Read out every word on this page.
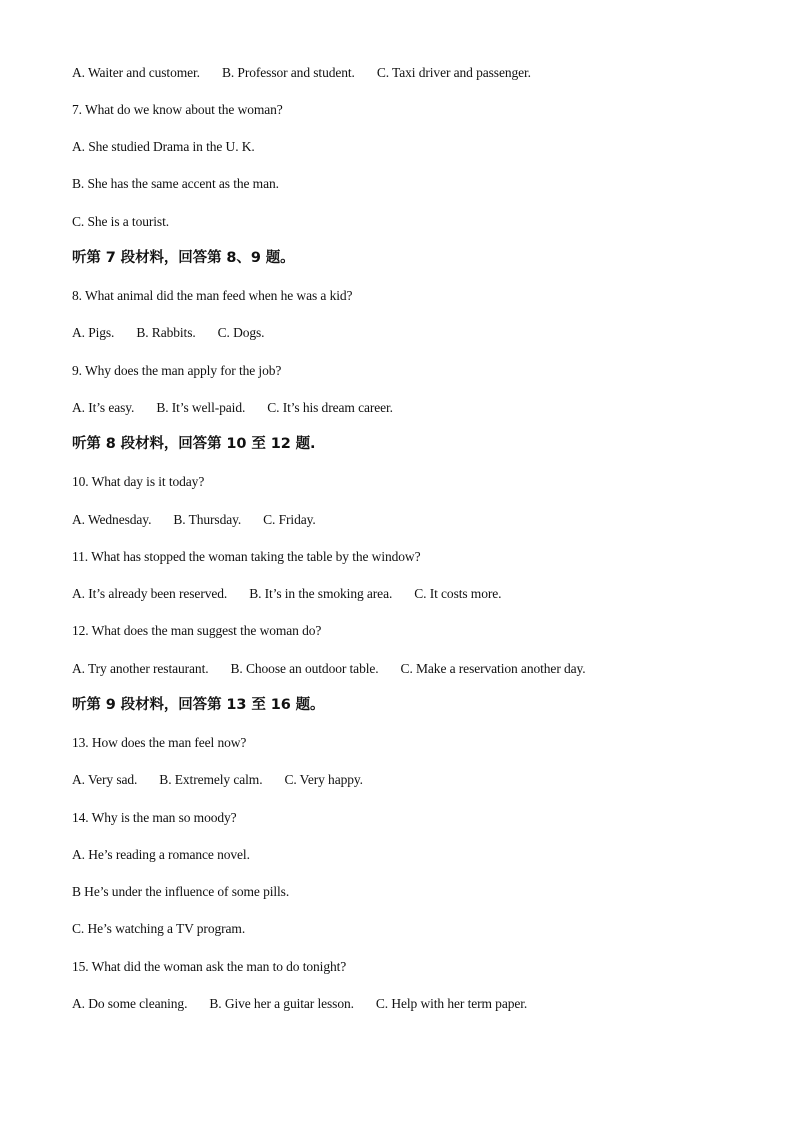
A. Waiter and customer. B. Professor and student. C. Taxi driver and passenger.
7. What do we know about the woman?
A. She studied Drama in the U. K.
B. She has the same accent as the man.
C. She is a tourist.
听第 7 段材料，回答第 8、9 题。
8. What animal did the man feed when he was a kid?
A. Pigs. B. Rabbits. C. Dogs.
9. Why does the man apply for the job?
A. It’s easy. B. It’s well-paid. C. It’s his dream career.
听第 8 段材料，回答第 10 至 12 题.
10. What day is it today?
A. Wednesday. B. Thursday. C. Friday.
11. What has stopped the woman taking the table by the window?
A. It’s already been reserved. B. It’s in the smoking area. C. It costs more.
12. What does the man suggest the woman do?
A. Try another restaurant. B. Choose an outdoor table. C. Make a reservation another day.
听第 9 段材料，回答第 13 至 16 题。
13. How does the man feel now?
A. Very sad. B. Extremely calm. C. Very happy.
14. Why is the man so moody?
A. He’s reading a romance novel.
B He’s under the influence of some pills.
C. He’s watching a TV program.
15. What did the woman ask the man to do tonight?
A. Do some cleaning. B. Give her a guitar lesson. C. Help with her term paper.
